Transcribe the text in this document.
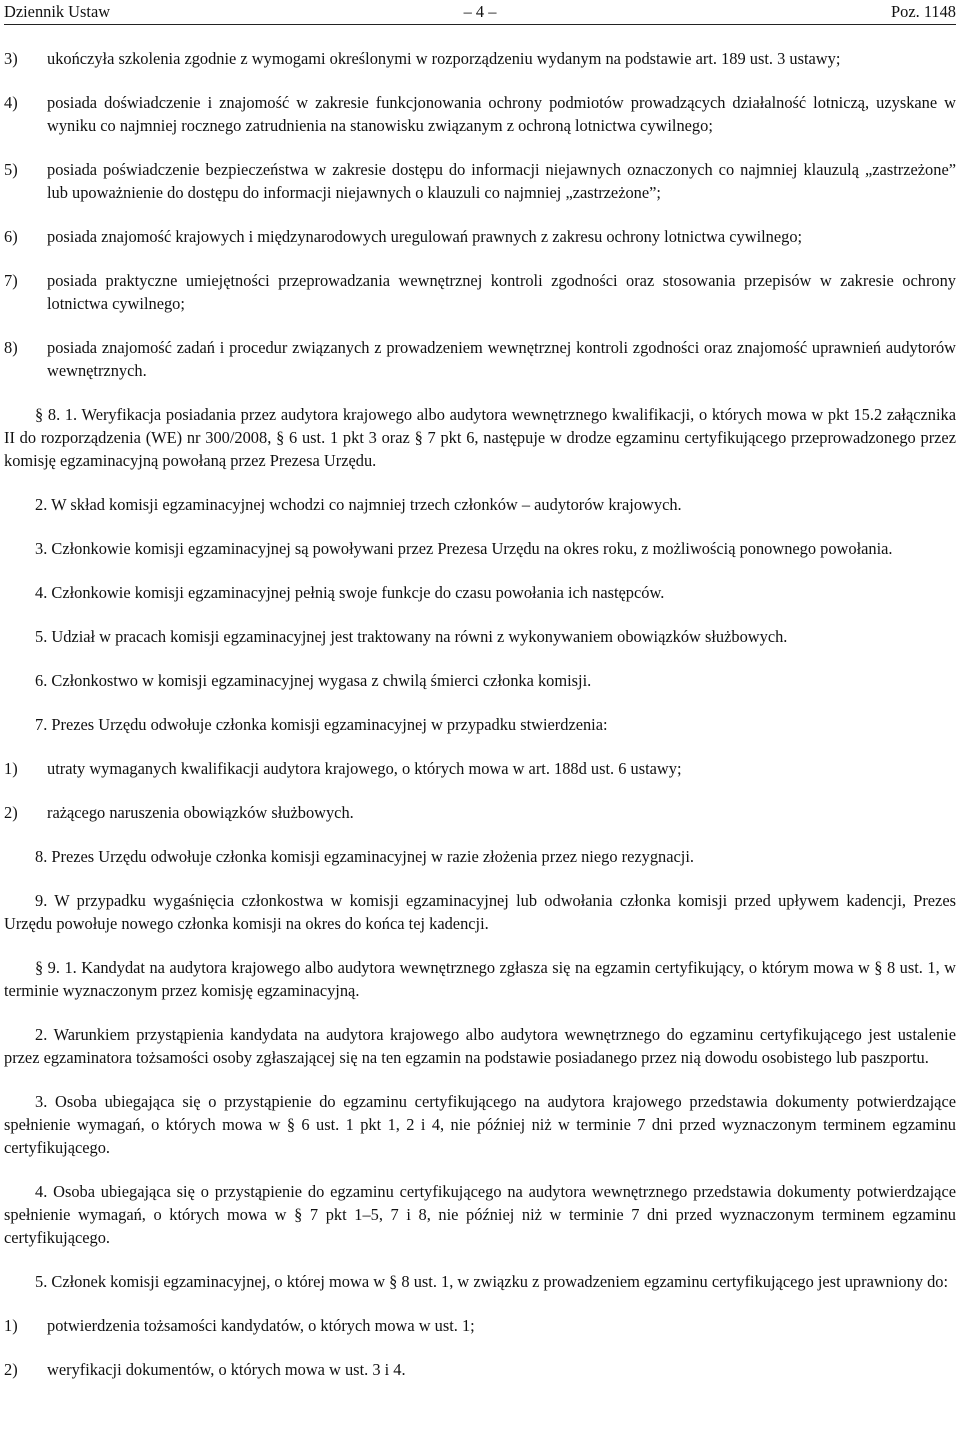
Dziennik Ustaw	– 4 –	Poz. 1148
3) ukończyła szkolenia zgodnie z wymogami określonymi w rozporządzeniu wydanym na podstawie art. 189 ust. 3 ustawy;
4) posiada doświadczenie i znajomość w zakresie funkcjonowania ochrony podmiotów prowadzących działalność lotniczą, uzyskane w wyniku co najmniej rocznego zatrudnienia na stanowisku związanym z ochroną lotnictwa cywilnego;
5) posiada poświadczenie bezpieczeństwa w zakresie dostępu do informacji niejawnych oznaczonych co najmniej klauzulą „zastrzeżone” lub upoważnienie do dostępu do informacji niejawnych o klauzuli co najmniej „zastrzeżone”;
6) posiada znajomość krajowych i międzynarodowych uregulowań prawnych z zakresu ochrony lotnictwa cywilnego;
7) posiada praktyczne umiejętności przeprowadzania wewnętrznej kontroli zgodności oraz stosowania przepisów w zakresie ochrony lotnictwa cywilnego;
8) posiada znajomość zadań i procedur związanych z prowadzeniem wewnętrznej kontroli zgodności oraz znajomość uprawnień audytorów wewnętrznych.

§ 8. 1. Weryfikacja posiadania przez audytora krajowego albo audytora wewnętrznego kwalifikacji, o których mowa w pkt 15.2 załącznika II do rozporządzenia (WE) nr 300/2008, § 6 ust. 1 pkt 3 oraz § 7 pkt 6, następuje w drodze egzaminu certyfikującego przeprowadzonego przez komisję egzaminacyjną powołaną przez Prezesa Urzędu.

2. W skład komisji egzaminacyjnej wchodzi co najmniej trzech członków – audytorów krajowych.

3. Członkowie komisji egzaminacyjnej są powoływani przez Prezesa Urzędu na okres roku, z możliwością ponownego powołania.

4. Członkowie komisji egzaminacyjnej pełnią swoje funkcje do czasu powołania ich następców.

5. Udział w pracach komisji egzaminacyjnej jest traktowany na równi z wykonywaniem obowiązków służbowych.

6. Członkostwo w komisji egzaminacyjnej wygasa z chwilą śmierci członka komisji.

7. Prezes Urzędu odwołuje członka komisji egzaminacyjnej w przypadku stwierdzenia:

1) utraty wymaganych kwalifikacji audytora krajowego, o których mowa w art. 188d ust. 6 ustawy;
2) rażącego naruszenia obowiązków służbowych.

8. Prezes Urzędu odwołuje członka komisji egzaminacyjnej w razie złożenia przez niego rezygnacji.

9. W przypadku wygaśnięcia członkostwa w komisji egzaminacyjnej lub odwołania członka komisji przed upływem kadencji, Prezes Urzędu powołuje nowego członka komisji na okres do końca tej kadencji.

§ 9. 1. Kandydat na audytora krajowego albo audytora wewnętrznego zgłasza się na egzamin certyfikujący, o którym mowa w § 8 ust. 1, w terminie wyznaczonym przez komisję egzaminacyjną.

2. Warunkiem przystąpienia kandydata na audytora krajowego albo audytora wewnętrznego do egzaminu certyfikującego jest ustalenie przez egzaminatora tożsamości osoby zgłaszającej się na ten egzamin na podstawie posiadanego przez nią dowodu osobistego lub paszportu.

3. Osoba ubiegająca się o przystąpienie do egzaminu certyfikującego na audytora krajowego przedstawia dokumenty potwierdzające spełnienie wymagań, o których mowa w § 6 ust. 1 pkt 1, 2 i 4, nie później niż w terminie 7 dni przed wyznaczonym terminem egzaminu certyfikującego.

4. Osoba ubiegająca się o przystąpienie do egzaminu certyfikującego na audytora wewnętrznego przedstawia dokumenty potwierdzające spełnienie wymagań, o których mowa w § 7 pkt 1–5, 7 i 8, nie później niż w terminie 7 dni przed wyznaczonym terminem egzaminu certyfikującego.

5. Członek komisji egzaminacyjnej, o której mowa w § 8 ust. 1, w związku z prowadzeniem egzaminu certyfikującego jest uprawniony do:

1) potwierdzenia tożsamości kandydatów, o których mowa w ust. 1;
2) weryfikacji dokumentów, o których mowa w ust. 3 i 4.
